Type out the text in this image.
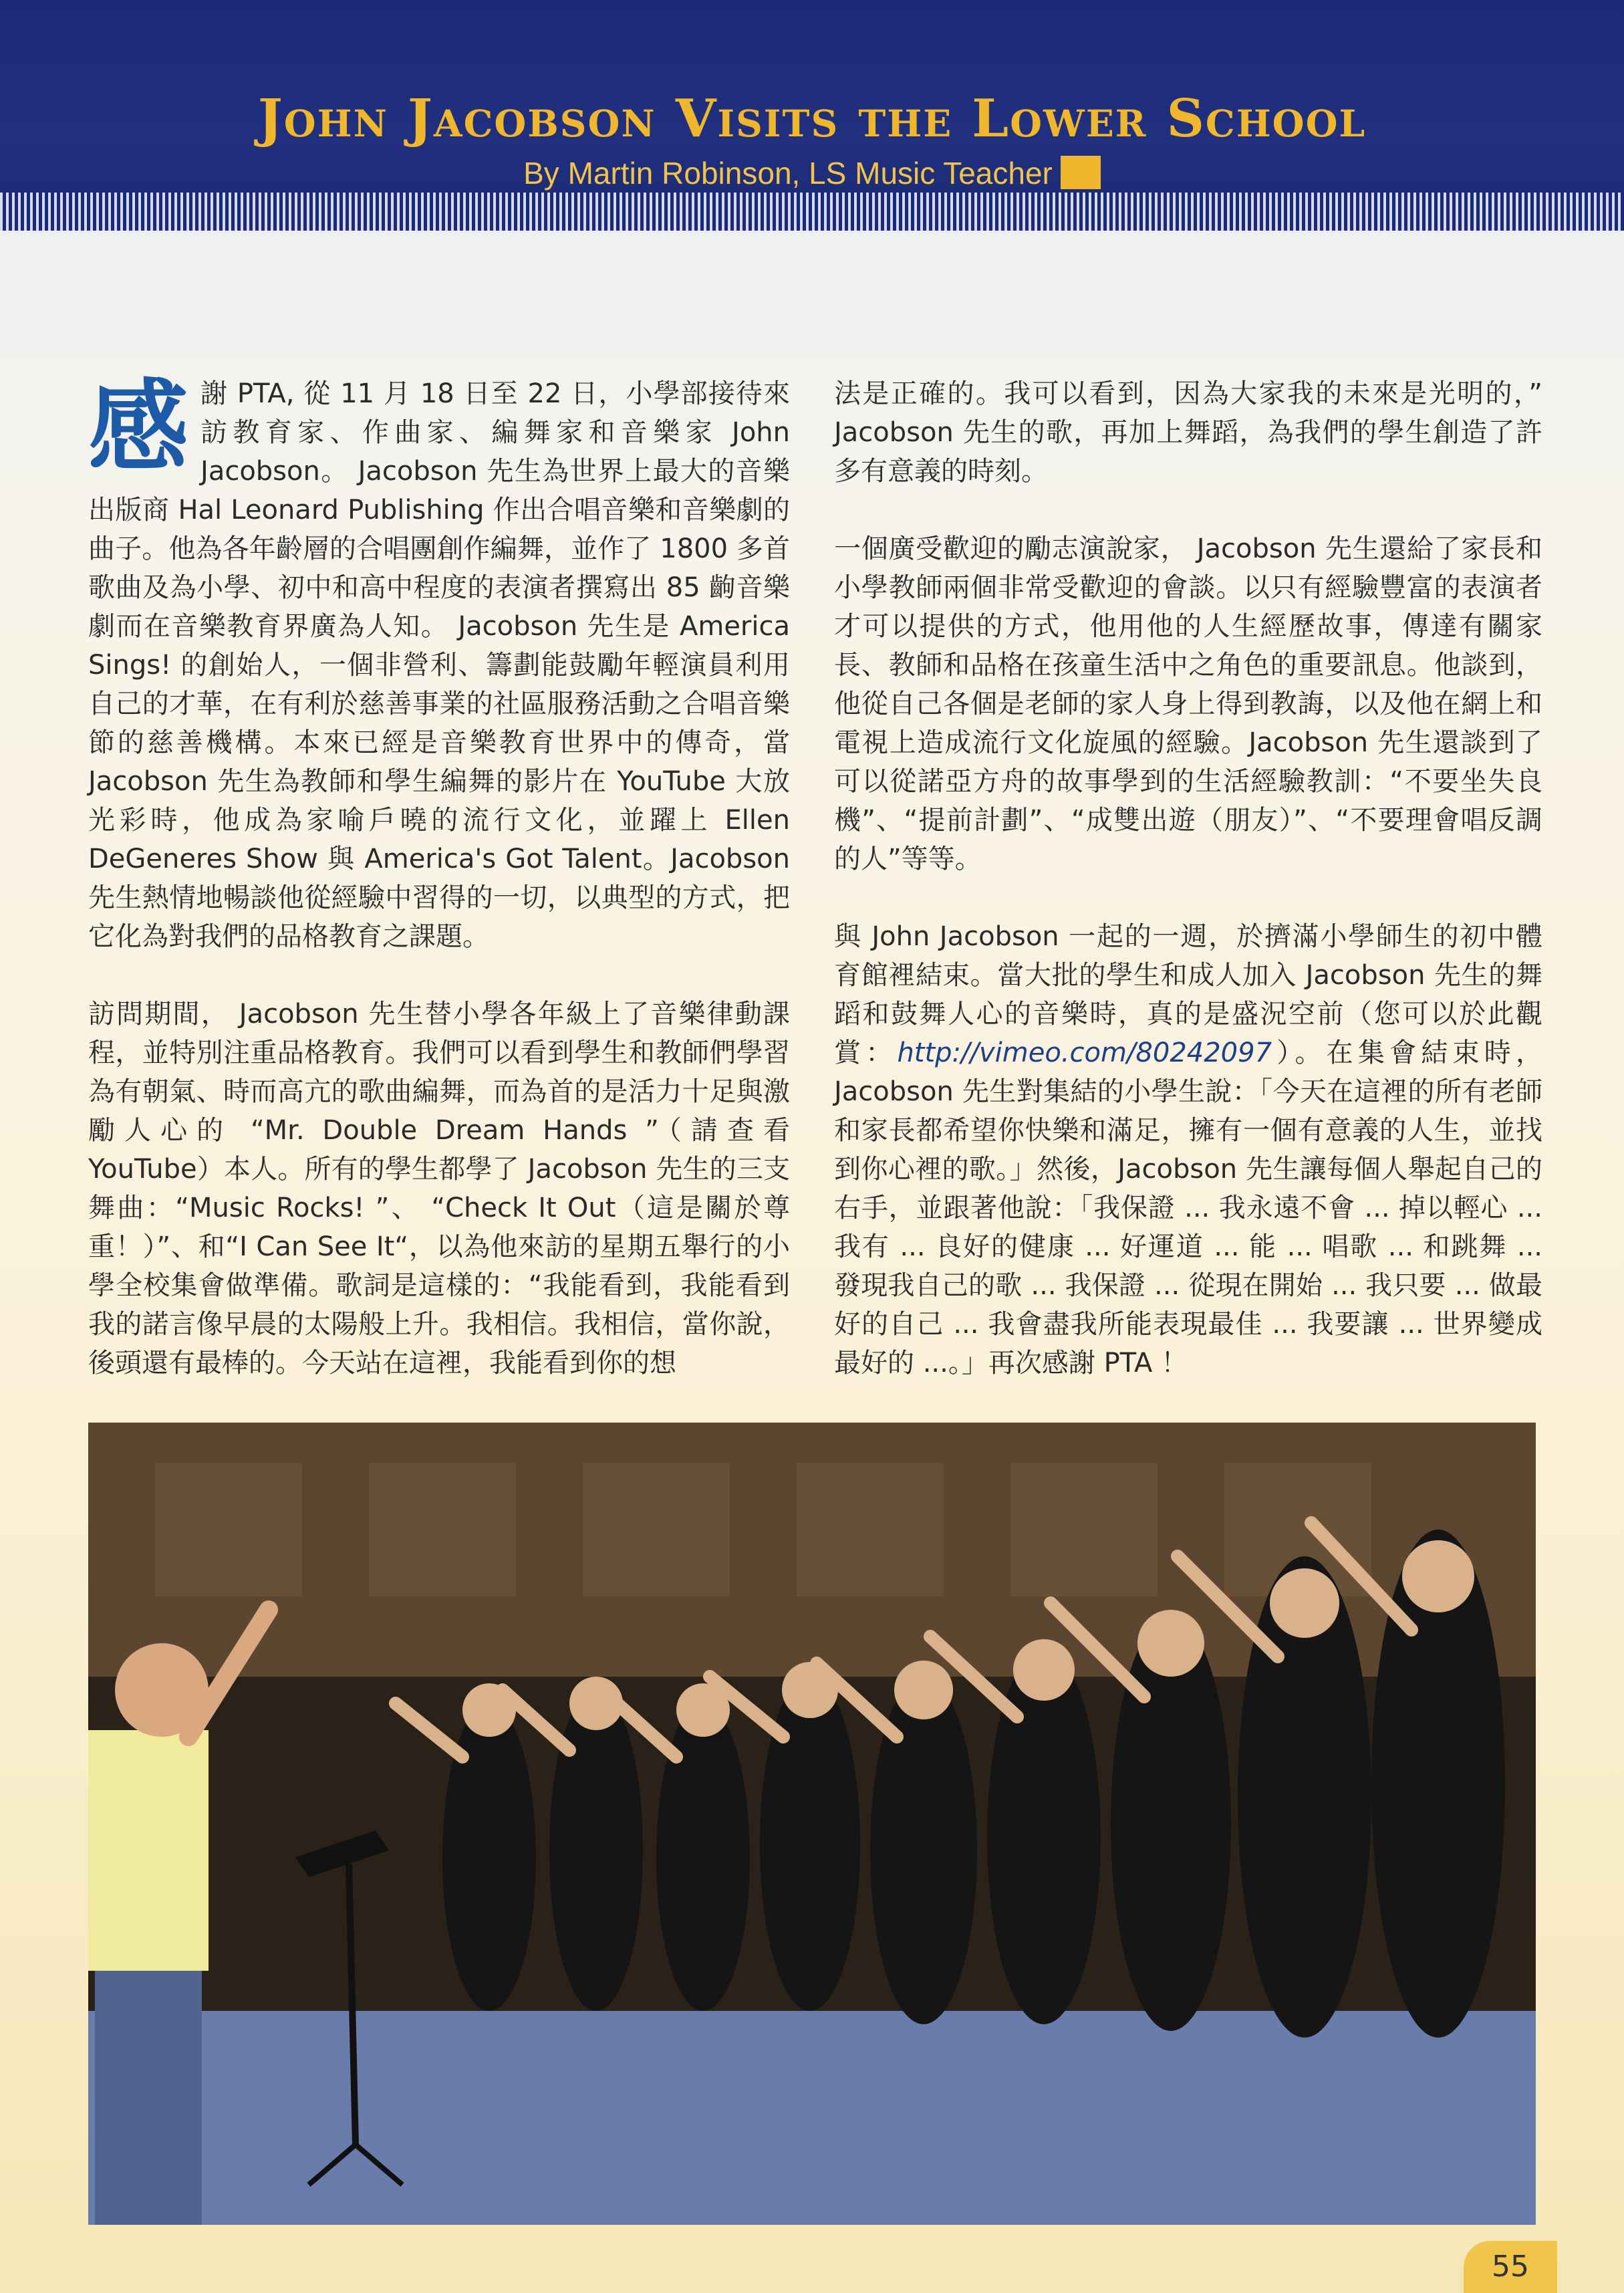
John Jacobson Visits the Lower School
By Martin Robinson, LS Music Teacher

感謝 PTA, 從 11 月 18 日至 22 日，小學部接待來訪教育家、作曲家、編舞家和音樂家 John Jacobson。 Jacobson 先生為世界上最大的音樂出版商 Hal Leonard Publishing 作出合唱音樂和音樂劇的曲子。他為各年齡層的合唱團創作編舞，並作了 1800 多首歌曲及為小學、初中和高中程度的表演者撰寫出 85 齣音樂劇而在音樂教育界廣為人知。 Jacobson 先生是 America Sings! 的創始人，一個非營利、籌劃能鼓勵年輕演員利用自己的才華，在有利於慈善事業的社區服務活動之合唱音樂節的慈善機構。本來已經是音樂教育世界中的傳奇，當 Jacobson 先生為教師和學生編舞的影片在 YouTube 大放光彩時，他成為家喻戶曉的流行文化，並躍上 Ellen DeGeneres Show 與 America's Got Talent。Jacobson 先生熱情地暢談他從經驗中習得的一切，以典型的方式，把它化為對我們的品格教育之課題。

訪問期間， Jacobson 先生替小學各年級上了音樂律動課程，並特別注重品格教育。我們可以看到學生和教師們學習為有朝氣、時而高亢的歌曲編舞，而為首的是活力十足與激勵人心的 “Mr. Double Dream Hands ”（請查看 YouTube）本人。所有的學生都學了 Jacobson 先生的三支舞曲：“Music Rocks! ”、 “Check It Out（這是關於尊重！）”、和“I Can See It“，以為他來訪的星期五舉行的小學全校集會做準備。歌詞是這樣的：“我能看到，我能看到我的諾言像早晨的太陽般上升。我相信。我相信，當你說，後頭還有最棒的。今天站在這裡，我能看到你的想

法是正確的。我可以看到，因為大家我的未來是光明的，” Jacobson 先生的歌，再加上舞蹈，為我們的學生創造了許多有意義的時刻。

一個廣受歡迎的勵志演說家， Jacobson 先生還給了家長和小學教師兩個非常受歡迎的會談。以只有經驗豐富的表演者才可以提供的方式，他用他的人生經歷故事，傳達有關家長、教師和品格在孩童生活中之角色的重要訊息。他談到，他從自己各個是老師的家人身上得到教誨，以及他在網上和電視上造成流行文化旋風的經驗。Jacobson 先生還談到了可以從諾亞方舟的故事學到的生活經驗教訓：“不要坐失良機”、“提前計劃”、“成雙出遊（朋友）”、“不要理會唱反調的人”等等。

與 John Jacobson 一起的一週，於擠滿小學師生的初中體育館裡結束。當大批的學生和成人加入 Jacobson 先生的舞蹈和鼓舞人心的音樂時，真的是盛況空前（您可以於此觀賞：http://vimeo.com/80242097）。在集會結束時，Jacobson 先生對集結的小學生說：「今天在這裡的所有老師和家長都希望你快樂和滿足，擁有一個有意義的人生，並找到你心裡的歌。」然後，Jacobson 先生讓每個人舉起自己的右手，並跟著他說：「我保證 ... 我永遠不會 ... 掉以輕心 ... 我有 ... 良好的健康 ... 好運道 ... 能 ... 唱歌 ... 和跳舞 ... 發現我自己的歌 ... 我保證 ... 從現在開始 ... 我只要 ... 做最好的自己 ... 我會盡我所能表現最佳 ... 我要讓 ... 世界變成最好的 ...。」再次感謝 PTA ！

55
